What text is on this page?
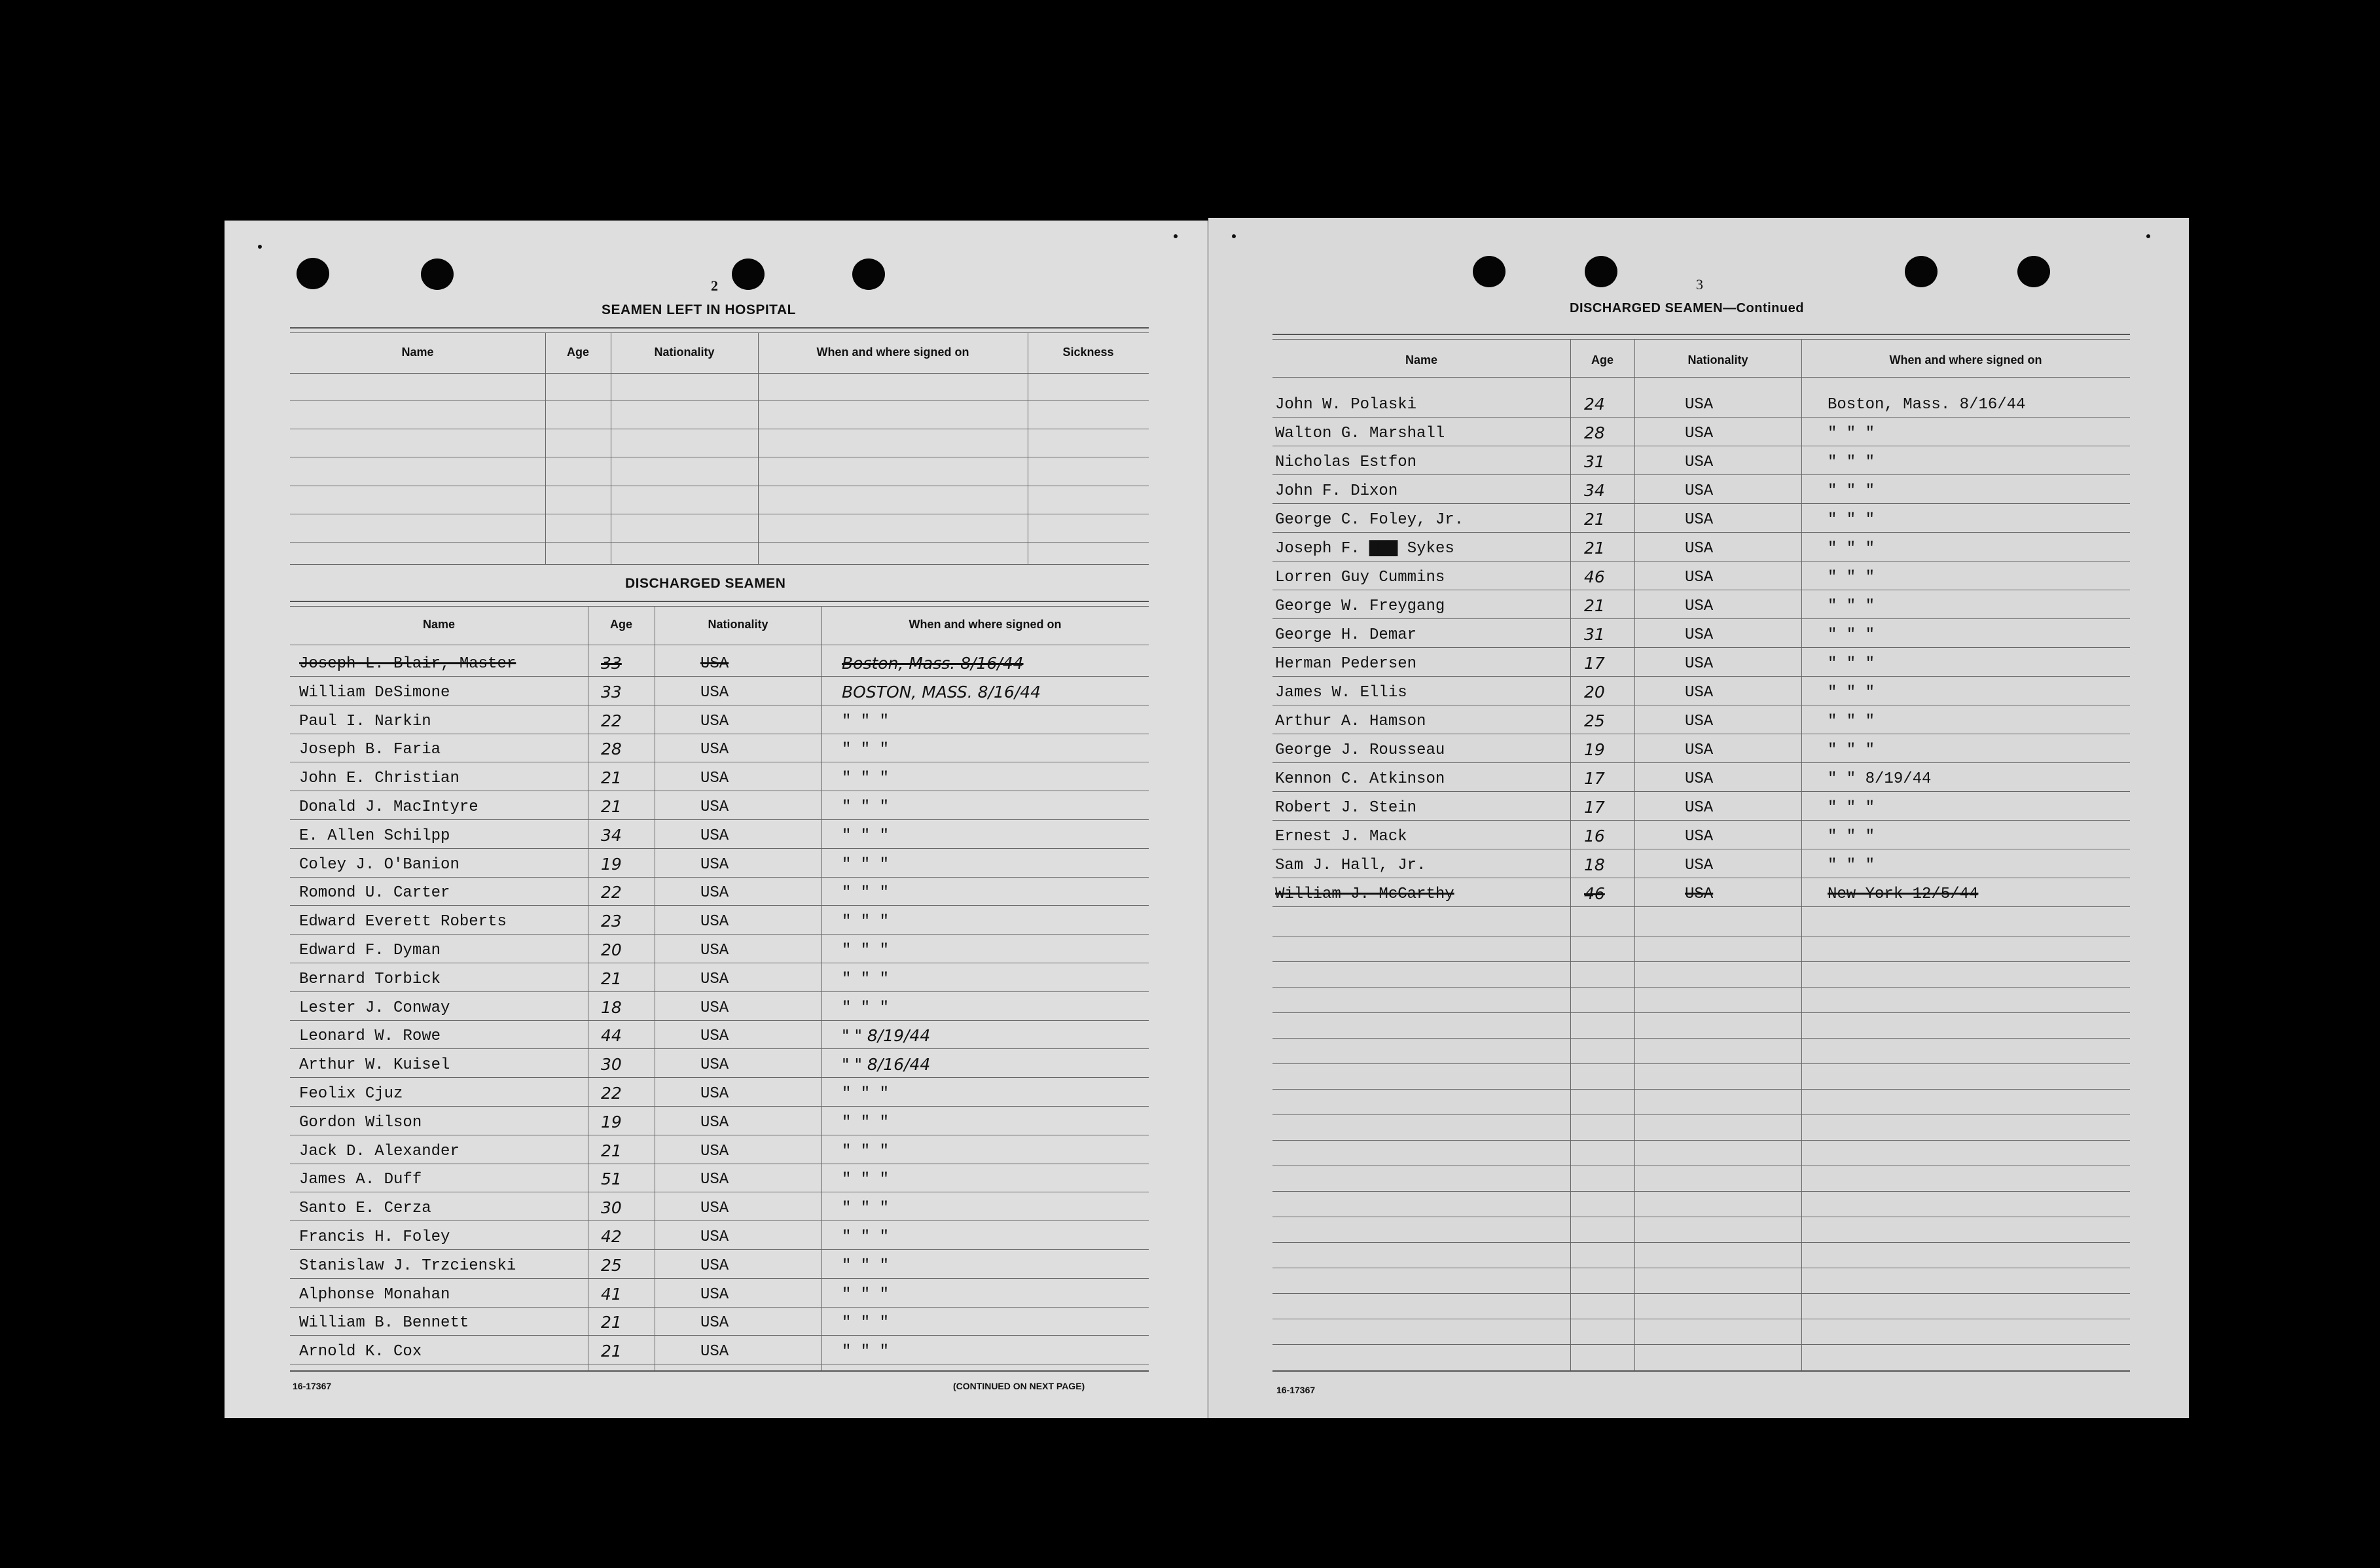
2
SEAMEN LEFT IN HOSPITAL
Name	Age	Nationality	When and where signed on	Sickness
DISCHARGED SEAMEN
Name	Age	Nationality	When and where signed on
Joseph L. Blair, Master	33	USA	Boston, Mass. 8/16/44
William DeSimone	33	USA	BOSTON, MASS. 8/16/44
Paul I. Narkin	22	USA	" " "
Joseph B. Faria	28	USA	" " "
John E. Christian	21	USA	" " "
Donald J. MacIntyre	21	USA	" " "
E. Allen Schilpp	34	USA	" " "
Coley J. O'Banion	19	USA	" " "
Romond U. Carter	22	USA	" " "
Edward Everett Roberts	23	USA	" " "
Edward F. Dyman	20	USA	" " "
Bernard Torbick	21	USA	" " "
Lester J. Conway	18	USA	" " "
Leonard W. Rowe	44	USA	" " 8/19/44
Arthur W. Kuisel	30	USA	" " 8/16/44
Feolix Cjuz	22	USA	" " "
Gordon Wilson	19	USA	" " "
Jack D. Alexander	21	USA	" " "
James A. Duff	51	USA	" " "
Santo E. Cerza	30	USA	" " "
Francis H. Foley	42	USA	" " "
Stanislaw J. Trzcienski	25	USA	" " "
Alphonse Monahan	41	USA	" " "
William B. Bennett	21	USA	" " "
Arnold K. Cox	21	USA	" " "
16-17367	(CONTINUED ON NEXT PAGE)
3
DISCHARGED SEAMEN—Continued
Name	Age	Nationality	When and where signed on
John W. Polaski	24	USA	Boston, Mass. 8/16/44
Walton G. Marshall	28	USA	" " "
Nicholas Estfon	31	USA	" " "
John F. Dixon	34	USA	" " "
George C. Foley, Jr.	21	USA	" " "
Joseph F. ▇▇▇ Sykes	21	USA	" " "
Lorren Guy Cummins	46	USA	" " "
George W. Freygang	21	USA	" " "
George H. Demar	31	USA	" " "
Herman Pedersen	17	USA	" " "
James W. Ellis	20	USA	" " "
Arthur A. Hamson	25	USA	" " "
George J. Rousseau	19	USA	" " "
Kennon C. Atkinson	17	USA	" " 8/19/44
Robert J. Stein	17	USA	" " "
Ernest J. Mack	16	USA	" " "
Sam J. Hall, Jr.	18	USA	" " "
William J. McCarthy	46	USA	New York 12/5/44
16-17367
